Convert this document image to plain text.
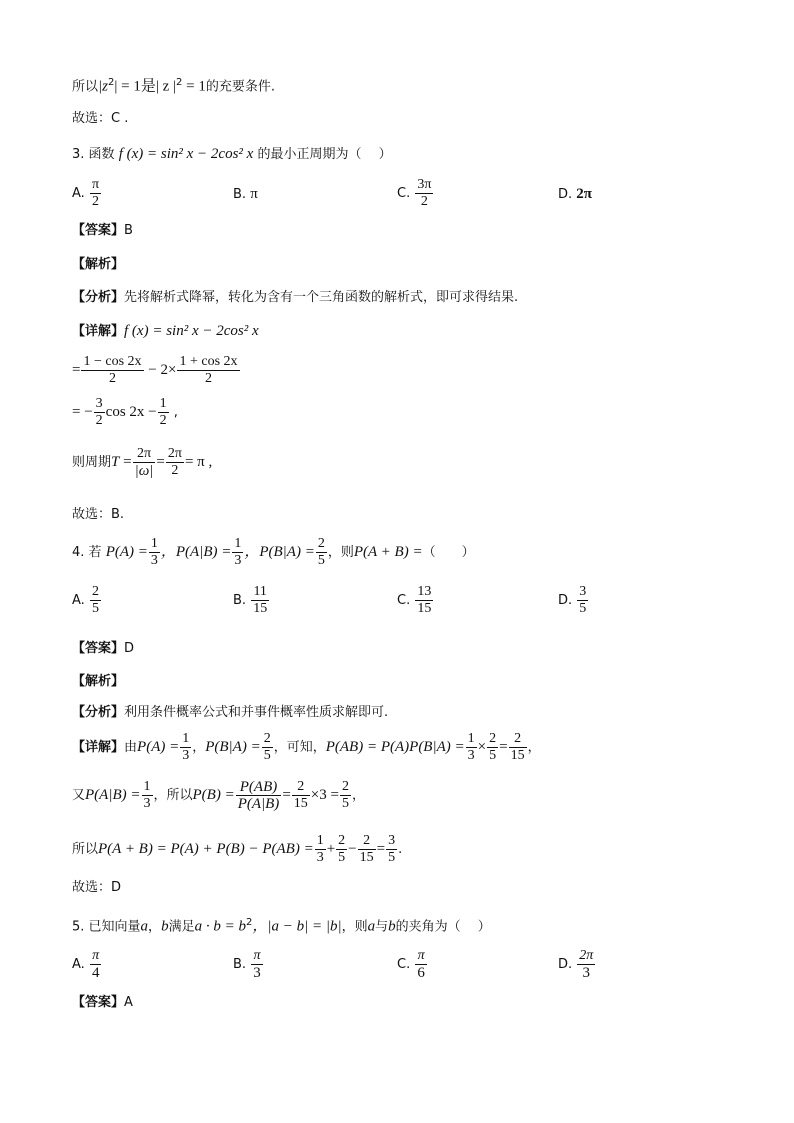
所以$|z^2| = 1$是| z $|^2 = 1$的充要条件.
故选：C .
3. 函数 f (x) = sin² x − 2cos² x 的最小正周期为（　 ）
A. $\frac{\pi}{2}$	B. π	C. $\frac{3\pi}{2}$	D. 2π
【答案】B
【解析】
【分析】先将解析式降幂，转化为含有一个三角函数的解析式，即可求得结果.
【详解】f (x) = sin² x − 2cos² x
= $\frac{1 - \cos 2x}{2} - 2\times \frac{1 + \cos 2x}{2}$
= − $\frac{3}{2}$ $\cos 2x - \frac{1}{2}$ ,
则周期$T = \frac{2\pi}{|\omega|} = \frac{2\pi}{2} = \pi$ ,
故选：B.
4. 若 $P(A) = \frac{1}{3}$ ，$P(A|B) = \frac{1}{3}$ ，$P(B|A) = \frac{2}{5}$ ，则P(A + B) =（　　）
A. $\frac{2}{5}$	B. $\frac{11}{15}$	C. $\frac{13}{15}$	D. $\frac{3}{5}$
【答案】D
【解析】
【分析】利用条件概率公式和并事件概率性质求解即可.
【详解】由$P(A) = \frac{1}{3}$ ，$P(B|A) = \frac{2}{5}$ ，可知，$P(AB) = P(A)P(B|A) = \frac{1}{3} \times \frac{2}{5} = \frac{2}{15}$ ，
又$P(A|B) = \frac{1}{3}$ ，所以$P(B) = \frac{P(AB)}{P(A|B)} = \frac{2}{15} \times 3 = \frac{2}{5}$ ，
所以$P(A + B) = P(A) + P(B) - P(AB) = \frac{1}{3} + \frac{2}{5} - \frac{2}{15} = \frac{3}{5}$ .
故选：D
5. 已知向量a，b满足$a \cdot b = b^2$，|a − b| = |b|，则a与b的夹角为（　 ）
A. $\frac{\pi}{4}$	B. $\frac{\pi}{3}$	C. $\frac{\pi}{6}$	D. $\frac{2\pi}{3}$
【答案】A
